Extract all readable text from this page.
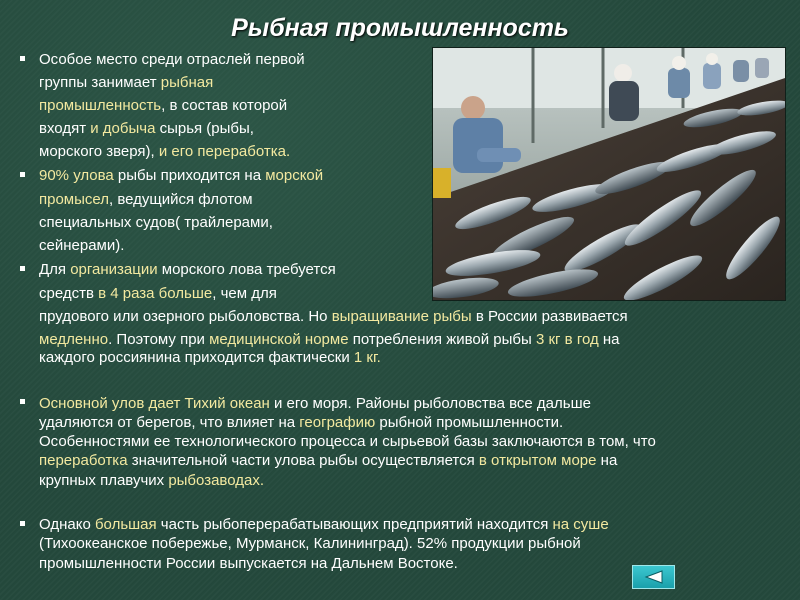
Рыбная промышленность
Особое место среди отраслей первой
группы занимает рыбная
промышленность, в состав которой
входят и добыча сырья (рыбы,
морского зверя), и его переработка.
90% улова рыбы приходится на морской
промысел, ведущийся флотом
специальных судов( трайлерами,
сейнерами).
Для организации морского лова требуется
средств в 4 раза больше, чем для
прудового или озерного рыболовства. Но выращивание рыбы в России развивается
медленно. Поэтому при медицинской норме потребления живой рыбы 3 кг в год на
каждого россиянина приходится фактически 1 кг.
Основной улов дает Тихий океан и его моря. Районы рыболовства все дальше
удаляются от берегов, что влияет на географию рыбной промышленности.
Особенностями ее технологического процесса и сырьевой базы заключаются в том, что
переработка значительной части улова рыбы осуществляется в открытом море на
крупных плавучих рыбозаводах.
Однако большая часть рыбоперерабатывающих предприятий находится на суше
(Тихоокеанское побережье, Мурманск, Калининград). 52% продукции рыбной
промышленности России выпускается на Дальнем Востоке.
